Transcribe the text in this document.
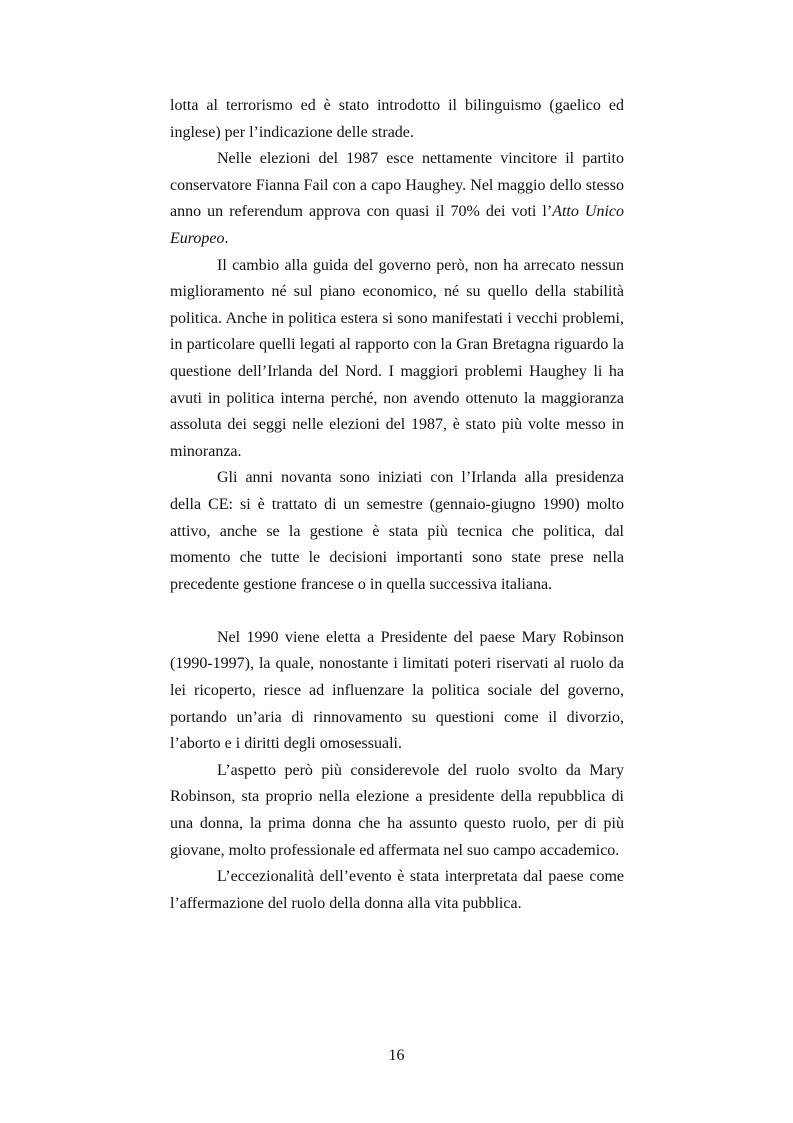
lotta al terrorismo ed è stato introdotto il bilinguismo (gaelico ed inglese) per l’indicazione delle strade.

Nelle elezioni del 1987 esce nettamente vincitore il partito conservatore Fianna Fail con a capo Haughey. Nel maggio dello stesso anno un referendum approva con quasi il 70% dei voti l’Atto Unico Europeo.

Il cambio alla guida del governo però, non ha arrecato nessun miglioramento né sul piano economico, né su quello della stabilità politica. Anche in politica estera si sono manifestati i vecchi problemi, in particolare quelli legati al rapporto con la Gran Bretagna riguardo la questione dell’Irlanda del Nord. I maggiori problemi Haughey li ha avuti in politica interna perché, non avendo ottenuto la maggioranza assoluta dei seggi nelle elezioni del 1987, è stato più volte messo in minoranza.

Gli anni novanta sono iniziati con l’Irlanda alla presidenza della CE: si è trattato di un semestre (gennaio-giugno 1990) molto attivo, anche se la gestione è stata più tecnica che politica, dal momento che tutte le decisioni importanti sono state prese nella precedente gestione francese o in quella successiva italiana.

Nel 1990 viene eletta a Presidente del paese Mary Robinson (1990-1997), la quale, nonostante i limitati poteri riservati al ruolo da lei ricoperto, riesce ad influenzare la politica sociale del governo, portando un’aria di rinnovamento su questioni come il divorzio, l’aborto e i diritti degli omosessuali.

L’aspetto però più considerevole del ruolo svolto da Mary Robinson, sta proprio nella elezione a presidente della repubblica di una donna, la prima donna che ha assunto questo ruolo, per di più giovane, molto professionale ed affermata nel suo campo accademico.

L’eccezionalità dell’evento è stata interpretata dal paese come l’affermazione del ruolo della donna alla vita pubblica.

16
